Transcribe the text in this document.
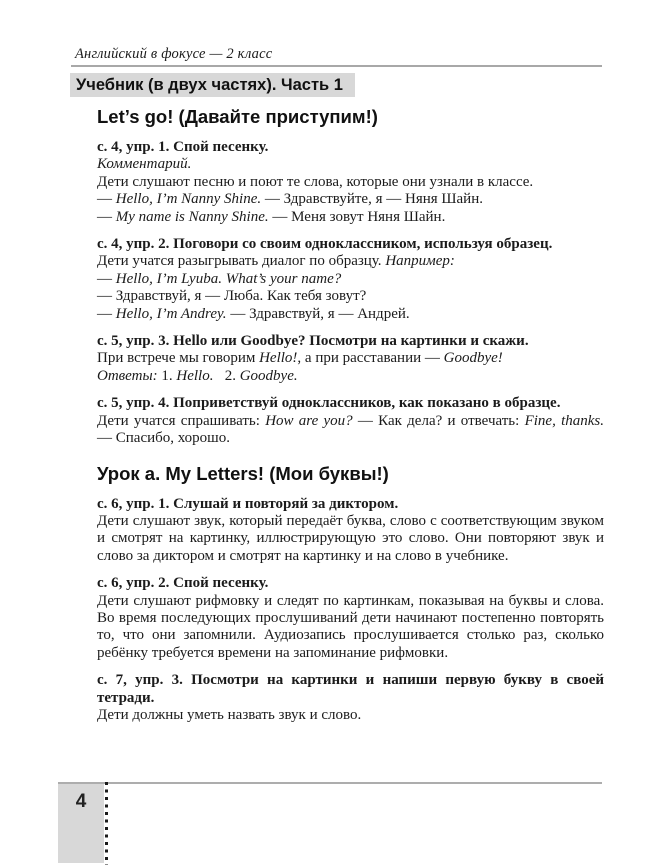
Английский в фокусе — 2 класс
Учебник (в двух частях). Часть 1
Let’s go! (Давайте приступим!)
с. 4, упр. 1. Спой песенку.
Комментарий.
Дети слушают песню и поют те слова, которые они узнали в классе.
— Hello, I’m Nanny Shine. — Здравствуйте, я — Няня Шайн.
— My name is Nanny Shine. — Меня зовут Няня Шайн.
с. 4, упр. 2. Поговори со своим одноклассником, используя образец.
Дети учатся разыгрывать диалог по образцу. Например:
— Hello, I’m Lyuba. What’s your name?
— Здравствуй, я — Люба. Как тебя зовут?
— Hello, I’m Andrey. — Здравствуй, я — Андрей.
с. 5, упр. 3. Hello или Goodbye? Посмотри на картинки и скажи.
При встрече мы говорим Hello!, а при расставании — Goodbye!
Ответы: 1. Hello.   2. Goodbye.
с. 5, упр. 4. Поприветствуй одноклассников, как показано в образце.
Дети учатся спрашивать: How are you? — Как дела? и отвечать: Fine, thanks. — Спасибо, хорошо.
Урок a. My Letters! (Мои буквы!)
с. 6, упр. 1. Слушай и повторяй за диктором.
Дети слушают звук, который передаёт буква, слово с соответствующим звуком и смотрят на картинку, иллюстрирующую это слово. Они повторяют звук и слово за диктором и смотрят на картинку и на слово в учебнике.
с. 6, упр. 2. Спой песенку.
Дети слушают рифмовку и следят по картинкам, показывая на буквы и слова. Во время последующих прослушиваний дети начинают постепенно повторять то, что они запомнили. Аудиозапись прослушивается столько раз, сколько ребёнку требуется времени на запоминание рифмовки.
с. 7, упр. 3. Посмотри на картинки и напиши первую букву в своей тетради.
Дети должны уметь назвать звук и слово.
4
